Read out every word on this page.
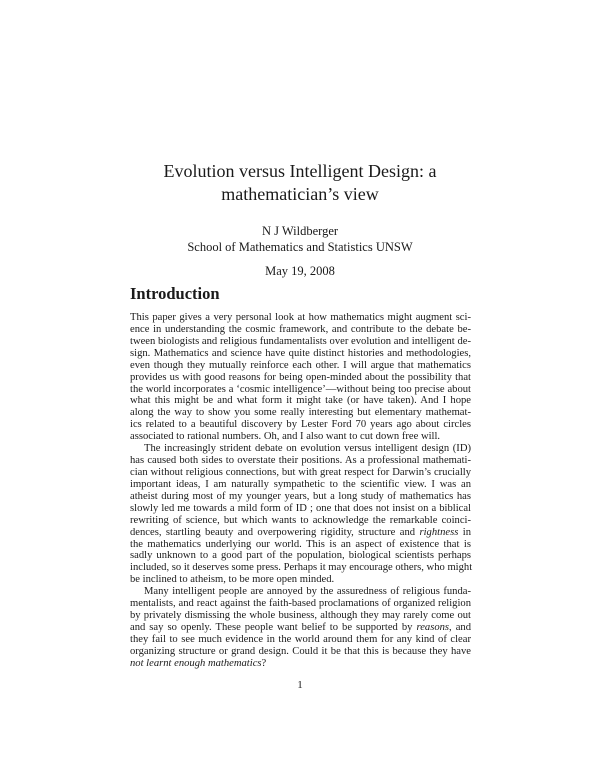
Evolution versus Intelligent Design: a
mathematician’s view
N J Wildberger
School of Mathematics and Statistics UNSW
May 19, 2008
Introduction
This paper gives a very personal look at how mathematics might augment sci-
ence in understanding the cosmic framework, and contribute to the debate be-
tween biologists and religious fundamentalists over evolution and intelligent de-
sign. Mathematics and science have quite distinct histories and methodologies,
even though they mutually reinforce each other. I will argue that mathematics
provides us with good reasons for being open-minded about the possibility that
the world incorporates a ‘cosmic intelligence’—without being too precise about
what this might be and what form it might take (or have taken). And I hope
along the way to show you some really interesting but elementary mathemat-
ics related to a beautiful discovery by Lester Ford 70 years ago about circles
associated to rational numbers. Oh, and I also want to cut down free will.
The increasingly strident debate on evolution versus intelligent design (ID)
has caused both sides to overstate their positions. As a professional mathemati-
cian without religious connections, but with great respect for Darwin’s crucially
important ideas, I am naturally sympathetic to the scientific view. I was an
atheist during most of my younger years, but a long study of mathematics has
slowly led me towards a mild form of ID ; one that does not insist on a biblical
rewriting of science, but which wants to acknowledge the remarkable coinci-
dences, startling beauty and overpowering rigidity, structure and rightness in
the mathematics underlying our world. This is an aspect of existence that is
sadly unknown to a good part of the population, biological scientists perhaps
included, so it deserves some press. Perhaps it may encourage others, who might
be inclined to atheism, to be more open minded.
Many intelligent people are annoyed by the assuredness of religious funda-
mentalists, and react against the faith-based proclamations of organized religion
by privately dismissing the whole business, although they may rarely come out
and say so openly. These people want belief to be supported by reasons, and
they fail to see much evidence in the world around them for any kind of clear
organizing structure or grand design. Could it be that this is because they have
not learnt enough mathematics?
1
